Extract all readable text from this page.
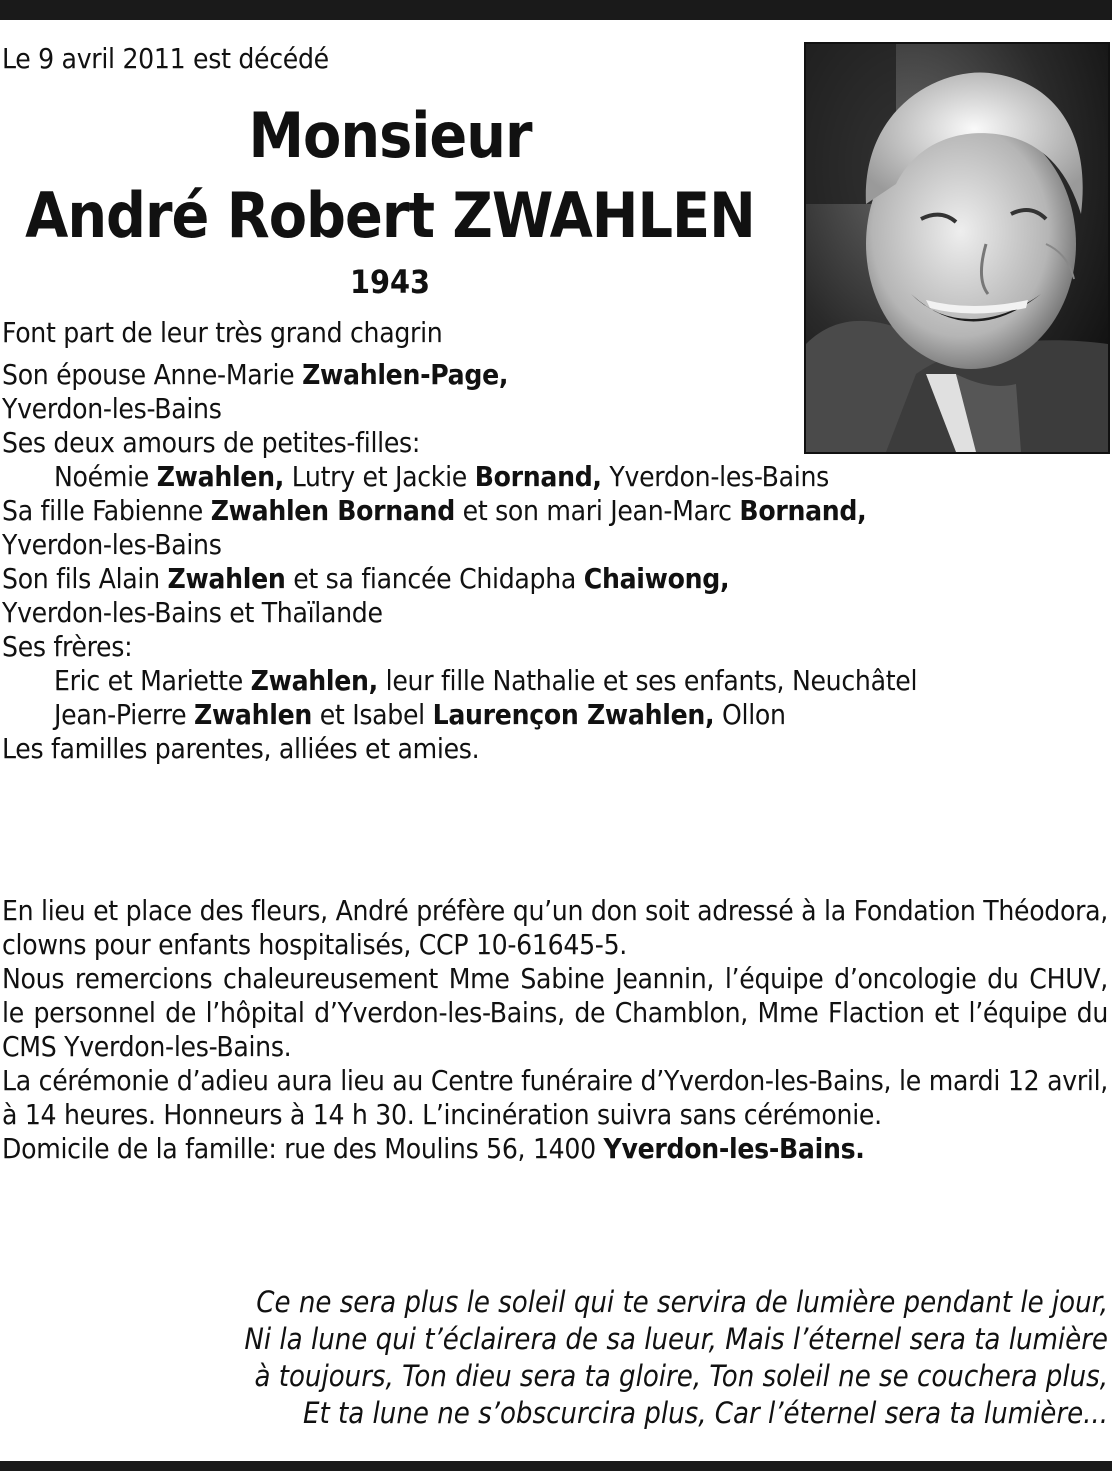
Le 9 avril 2011 est décédé
Monsieur
André Robert ZWAHLEN
1943

Font part de leur très grand chagrin

Son épouse Anne-Marie Zwahlen-Page,

Yverdon-les-Bains

Ses deux amours de petites-filles:

Noémie Zwahlen, Lutry et Jackie Bornand, Yverdon-les-Bains

Sa fille Fabienne Zwahlen Bornand et son mari Jean-Marc Bornand,

Yverdon-les-Bains

Son fils Alain Zwahlen et sa fiancée Chidapha Chaiwong,

Yverdon-les-Bains et Thaïlande

Ses frères:

Eric et Mariette Zwahlen, leur fille Nathalie et ses enfants, Neuchâtel

Jean-Pierre Zwahlen et Isabel Laurençon Zwahlen, Ollon

Les familles parentes, alliées et amies.

En lieu et place des fleurs, André préfère qu’un don soit adressé à la Fondation Théodora, clowns pour enfants hospitalisés, CCP 10-61645-5.

Nous remercions chaleureusement Mme Sabine Jeannin, l’équipe d’oncologie du CHUV, le personnel de l’hôpital d’Yverdon-les-Bains, de Chamblon, Mme Flaction et l’équipe du CMS Yverdon-les-Bains.

La cérémonie d’adieu aura lieu au Centre funéraire d’Yverdon-les-Bains, le mardi 12 avril, à 14 heures. Honneurs à 14 h 30. L’incinération suivra sans cérémonie.

Domicile de la famille: rue des Moulins 56, 1400 Yverdon-les-Bains.

Ce ne sera plus le soleil qui te servira de lumière pendant le jour,

Ni la lune qui t’éclairera de sa lueur, Mais l’éternel sera ta lumière

à toujours, Ton dieu sera ta gloire, Ton soleil ne se couchera plus,

Et ta lune ne s’obscurcira plus, Car l’éternel sera ta lumière...
